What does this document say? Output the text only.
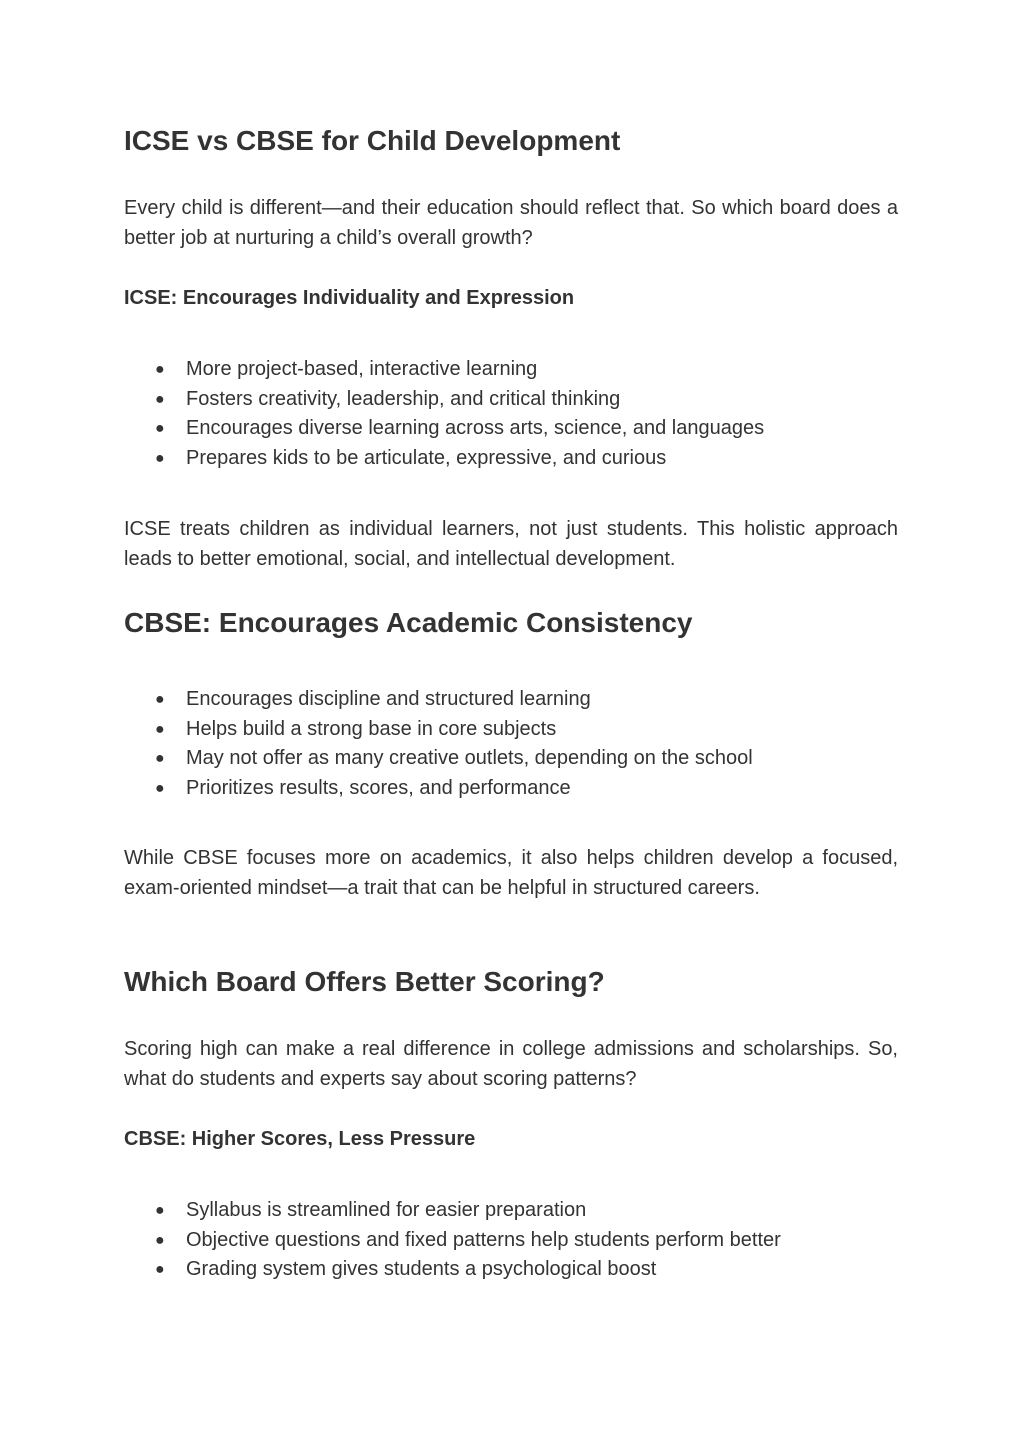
ICSE vs CBSE for Child Development

Every child is different—and their education should reflect that. So which board does a better job at nurturing a child’s overall growth?

ICSE: Encourages Individuality and Expression

● More project-based, interactive learning
● Fosters creativity, leadership, and critical thinking
● Encourages diverse learning across arts, science, and languages
● Prepares kids to be articulate, expressive, and curious

ICSE treats children as individual learners, not just students. This holistic approach leads to better emotional, social, and intellectual development.

CBSE: Encourages Academic Consistency
● Encourages discipline and structured learning
● Helps build a strong base in core subjects
● May not offer as many creative outlets, depending on the school
● Prioritizes results, scores, and performance

While CBSE focuses more on academics, it also helps children develop a focused, exam-oriented mindset—a trait that can be helpful in structured careers.

Which Board Offers Better Scoring?

Scoring high can make a real difference in college admissions and scholarships. So, what do students and experts say about scoring patterns?

CBSE: Higher Scores, Less Pressure

● Syllabus is streamlined for easier preparation
● Objective questions and fixed patterns help students perform better
● Grading system gives students a psychological boost
